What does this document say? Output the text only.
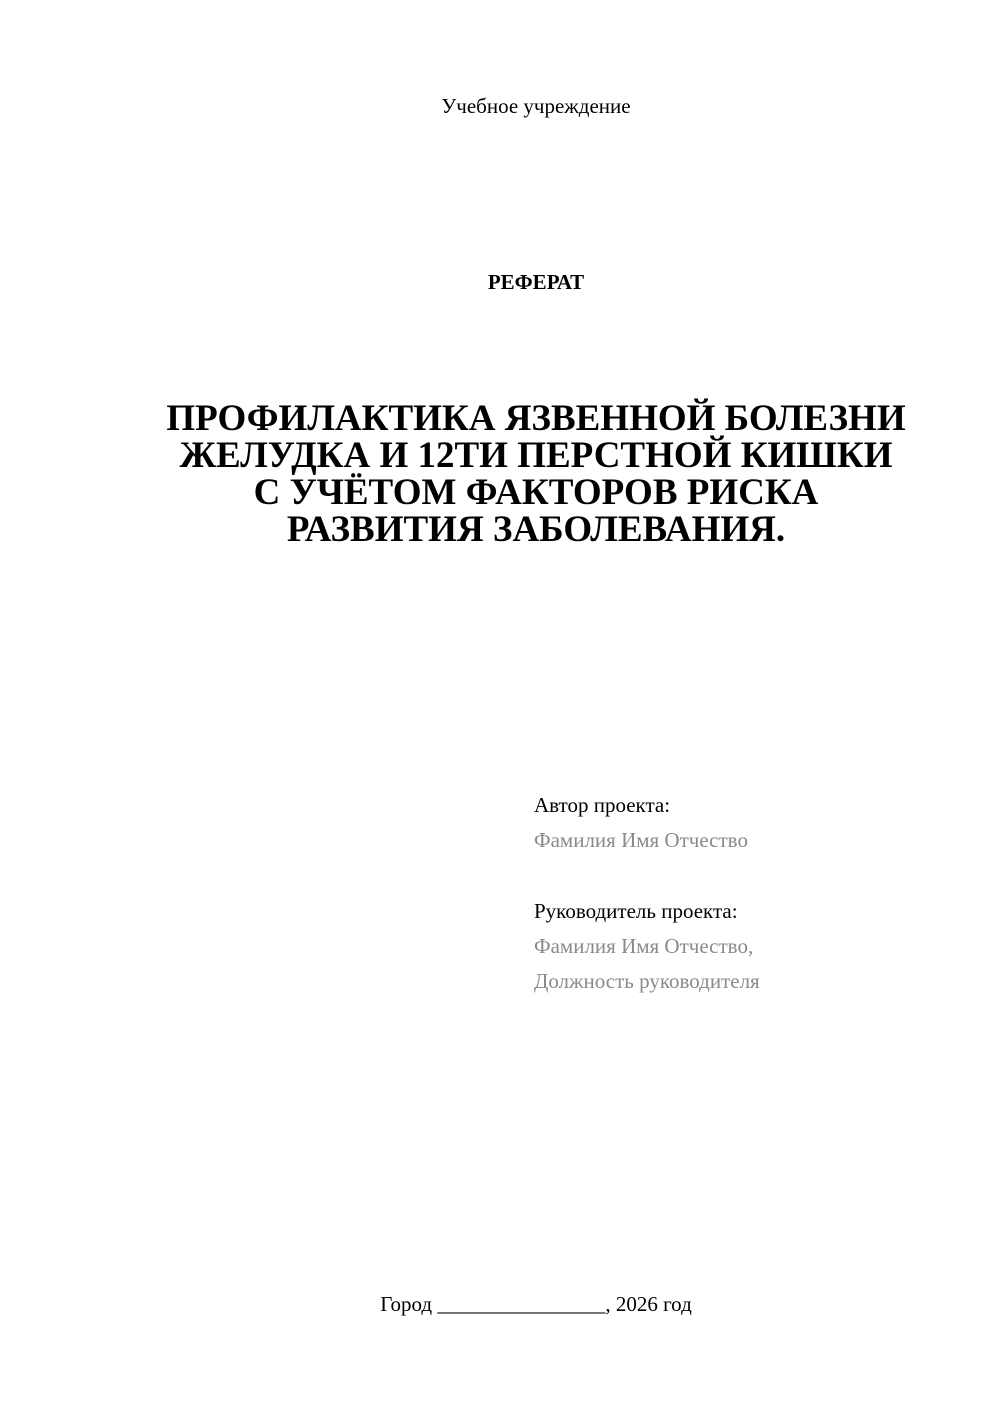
Учебное учреждение
РЕФЕРАТ
ПРОФИЛАКТИКА ЯЗВЕННОЙ БОЛЕЗНИ
ЖЕЛУДКА И 12ТИ ПЕРСТНОЙ КИШКИ
С УЧЁТОМ ФАКТОРОВ РИСКА
РАЗВИТИЯ ЗАБОЛЕВАНИЯ.
Автор проекта:
Фамилия Имя Отчество
Руководитель проекта:
Фамилия Имя Отчество,
Должность руководителя
Город ________________, 2026 год
